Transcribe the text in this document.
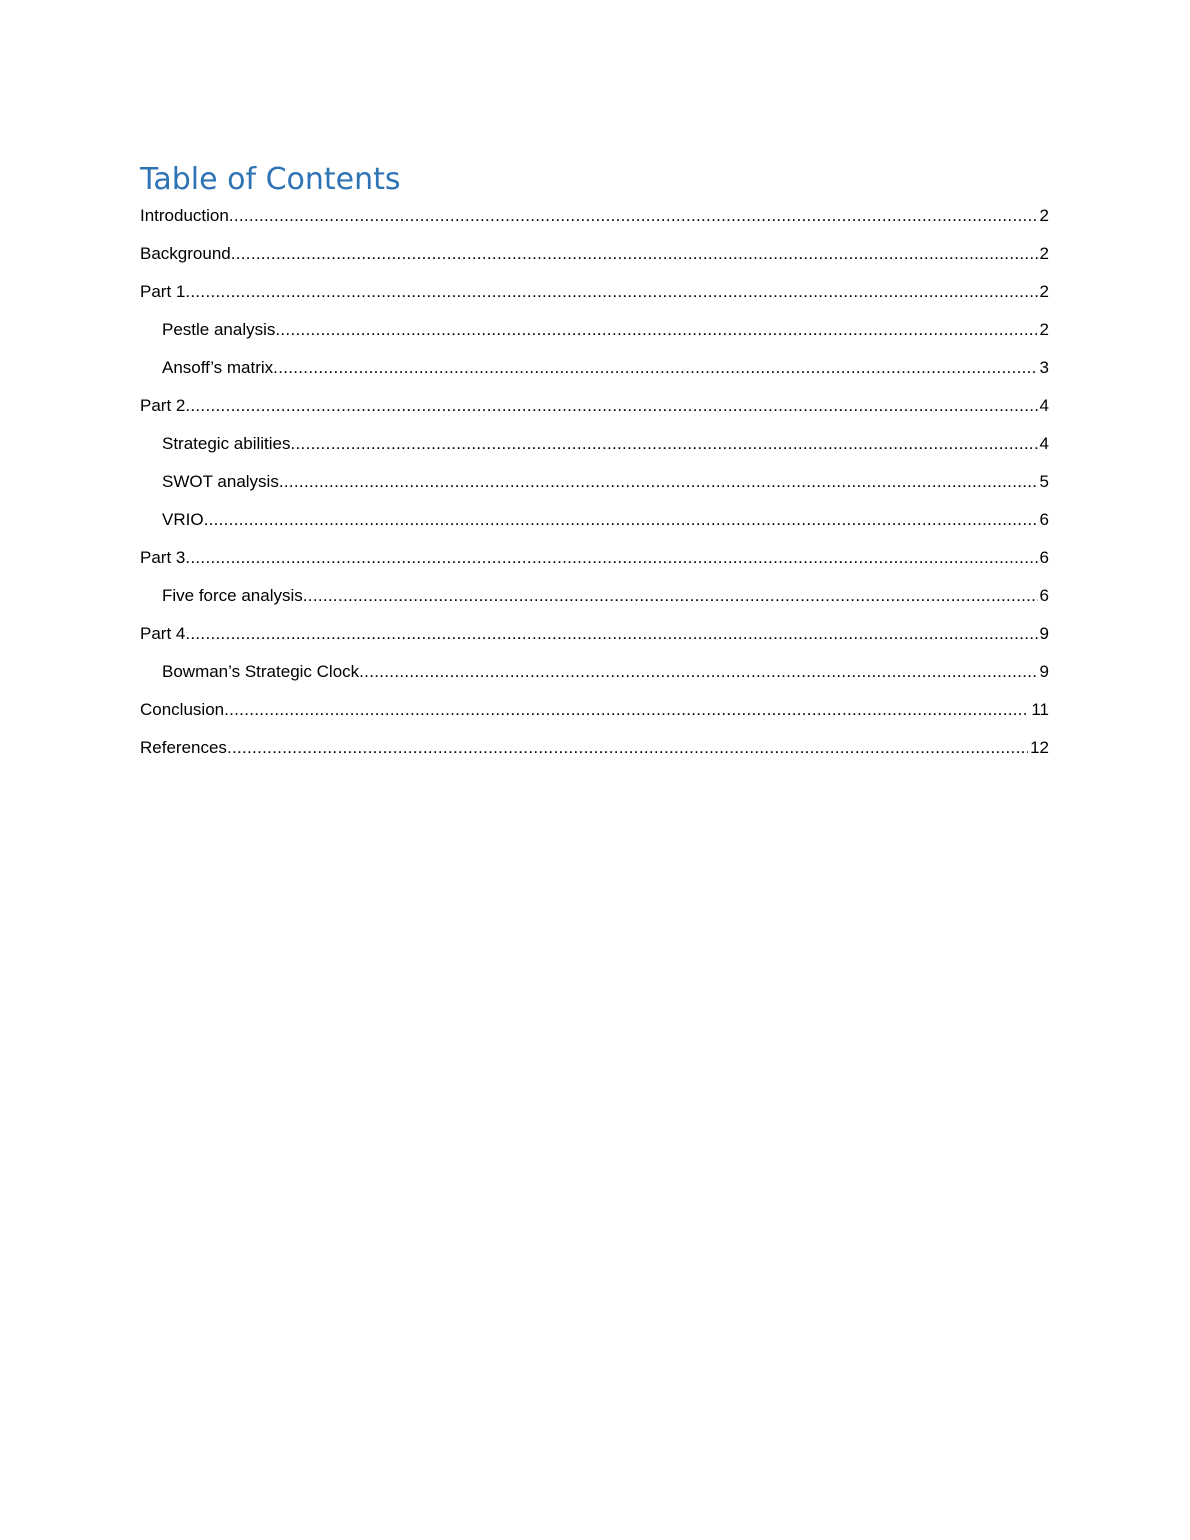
Table of Contents
Introduction .....	2
Background .....	2
Part 1 .....	2
Pestle analysis .....	2
Ansoff’s matrix .....	3
Part 2 .....	4
Strategic abilities .....	4
SWOT analysis .....	5
VRIO .....	6
Part 3 .....	6
Five force analysis .....	6
Part 4 .....	9
Bowman’s Strategic Clock .....	9
Conclusion .....	11
References .....	12
